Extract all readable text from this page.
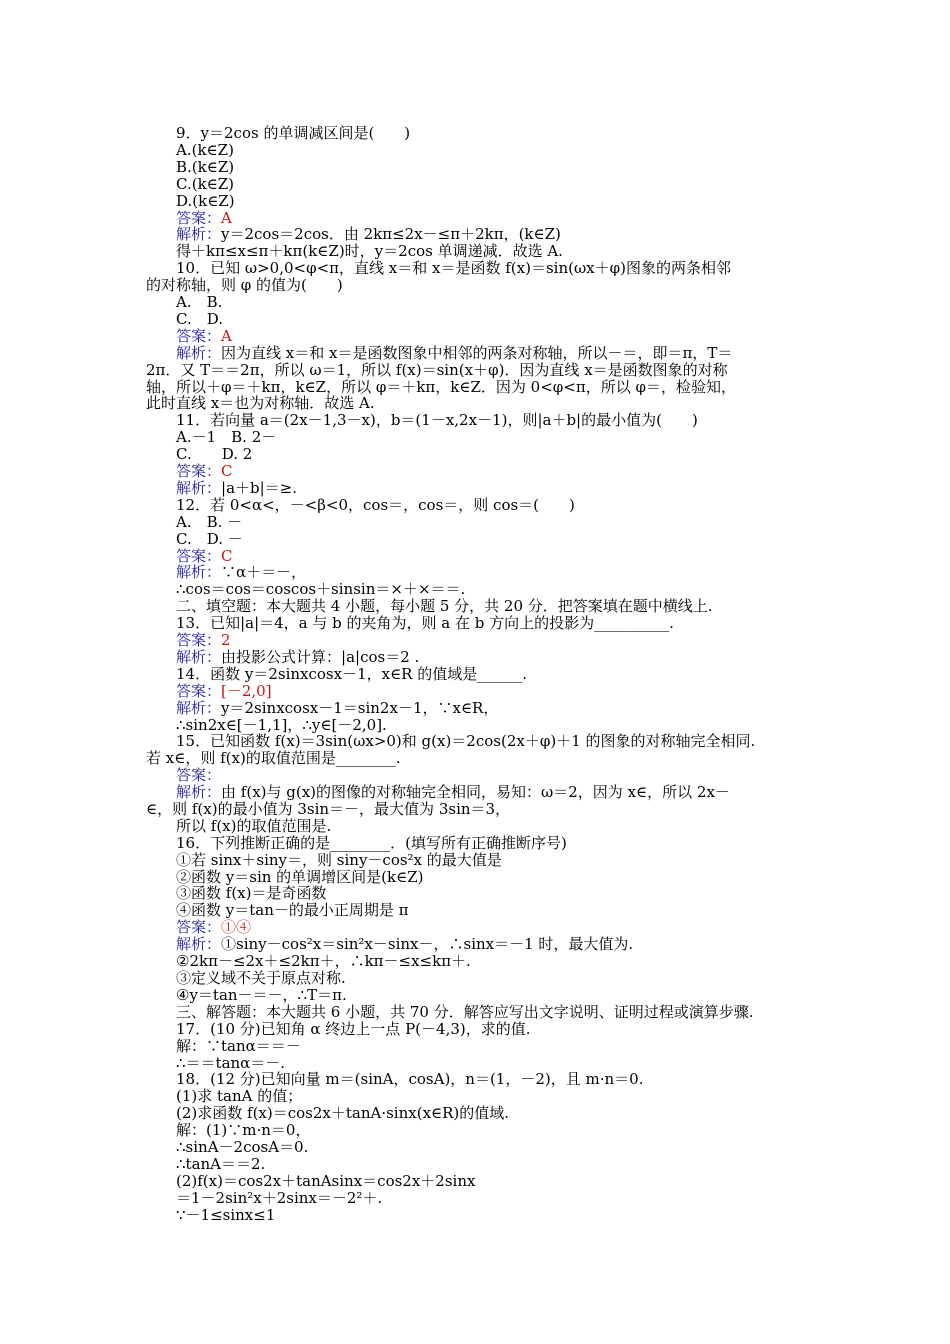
9．y＝2cos 的单调减区间是(　　)
A.(k∈Z)
B.(k∈Z)
C.(k∈Z)
D.(k∈Z)
答案：A
解析：y＝2cos＝2cos．由 2kπ≤2x－≤π＋2kπ，(k∈Z)
得＋kπ≤x≤π＋kπ(k∈Z)时，y＝2cos 单调递减．故选 A.
10．已知 ω>0,0<φ<π，直线 x＝和 x＝是函数 f(x)＝sin(ωx＋φ)图象的两条相邻
的对称轴，则 φ 的值为(　　)
A.　B.
C.　D.
答案：A
解析：因为直线 x＝和 x＝是函数图象中相邻的两条对称轴，所以－＝，即＝π，T＝
2π．又 T＝＝2π，所以 ω＝1，所以 f(x)＝sin(x＋φ)．因为直线 x＝是函数图象的对称
轴，所以＋φ＝＋kπ，k∈Z，所以 φ＝＋kπ，k∈Z．因为 0<φ<π，所以 φ＝，检验知，
此时直线 x＝也为对称轴．故选 A.
11．若向量 a＝(2x－1,3－x)，b＝(1－x,2x－1)，则|a＋b|的最小值为(　　)
A.－1　B. 2－
C.　　D. 2
答案：C
解析：|a＋b|＝≥.
12．若 0<α<，－<β<0，cos＝，cos＝，则 cos＝(　　)
A.　B. －
C.　D. －
答案：C
解析：∵α＋＝－，
∴cos＝cos＝coscos＋sinsin＝×＋×＝＝.
二、填空题：本大题共 4 小题，每小题 5 分，共 20 分．把答案填在题中横线上.
13．已知|a|＝4，a 与 b 的夹角为，则 a 在 b 方向上的投影为__________.
答案：2
解析：由投影公式计算：|a|cos＝2 .
14．函数 y＝2sinxcosx－1，x∈R 的值域是______.
答案：[－2,0]
解析：y＝2sinxcosx－1＝sin2x－1，∵x∈R，
∴sin2x∈[－1,1]，∴y∈[－2,0].
15．已知函数 f(x)＝3sin(ωx>0)和 g(x)＝2cos(2x＋φ)＋1 的图象的对称轴完全相同.
若 x∈，则 f(x)的取值范围是________.
答案：
解析：由 f(x)与 g(x)的图像的对称轴完全相同，易知：ω＝2，因为 x∈，所以 2x－
∈，则 f(x)的最小值为 3sin＝－，最大值为 3sin＝3，
所以 f(x)的取值范围是.
16．下列推断正确的是________．(填写所有正确推断序号)
①若 sinx＋siny＝，则 siny－cos²x 的最大值是
②函数 y＝sin 的单调增区间是(k∈Z)
③函数 f(x)＝是奇函数
④函数 y＝tan－的最小正周期是 π
答案：①④
解析：①siny－cos²x＝sin²x－sinx－，∴sinx＝－1 时，最大值为.
②2kπ－≤2x＋≤2kπ＋，∴kπ－≤x≤kπ＋.
③定义域不关于原点对称.
④y＝tan－＝－，∴T＝π.
三、解答题：本大题共 6 小题，共 70 分．解答应写出文字说明、证明过程或演算步骤.
17．(10 分)已知角 α 终边上一点 P(－4,3)，求的值.
解：∵tanα＝＝－
∴＝＝tanα＝－.
18．(12 分)已知向量 m＝(sinA，cosA)，n＝(1，－2)，且 m·n＝0.
(1)求 tanA 的值；
(2)求函数 f(x)＝cos2x＋tanA·sinx(x∈R)的值域.
解：(1)∵m·n＝0，
∴sinA－2cosA＝0.
∴tanA＝＝2.
(2)f(x)＝cos2x＋tanAsinx＝cos2x＋2sinx
＝1－2sin²x＋2sinx＝－2²＋.
∵－1≤sinx≤1
